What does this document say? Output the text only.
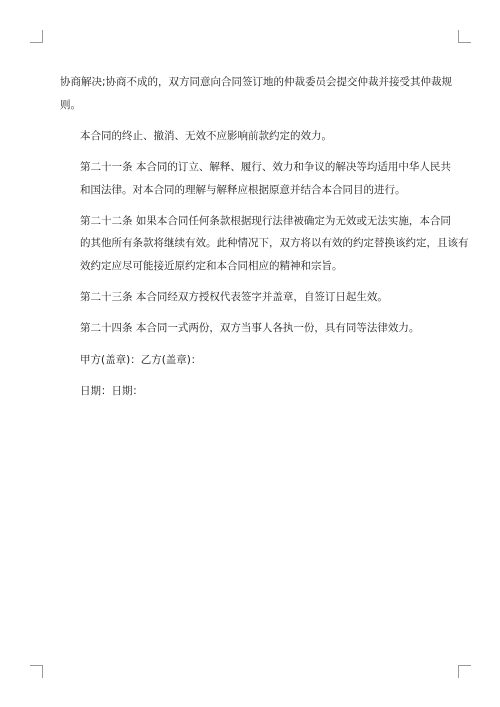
协商解决;协商不成的，双方同意向合同签订地的仲裁委员会提交仲裁并接受其仲裁规
则。

本合同的终止、撤消、无效不应影响前款约定的效力。

第二十一条 本合同的订立、解释、履行、效力和争议的解决等均适用中华人民共
和国法律。对本合同的理解与解释应根据原意并结合本合同目的进行。

第二十二条 如果本合同任何条款根据现行法律被确定为无效或无法实施，本合同
的其他所有条款将继续有效。此种情况下，双方将以有效的约定替换该约定，且该有
效约定应尽可能接近原约定和本合同相应的精神和宗旨。

第二十三条 本合同经双方授权代表签字并盖章，自签订日起生效。

第二十四条 本合同一式两份，双方当事人各执一份，具有同等法律效力。

甲方(盖章)：乙方(盖章)：

日期：日期：
